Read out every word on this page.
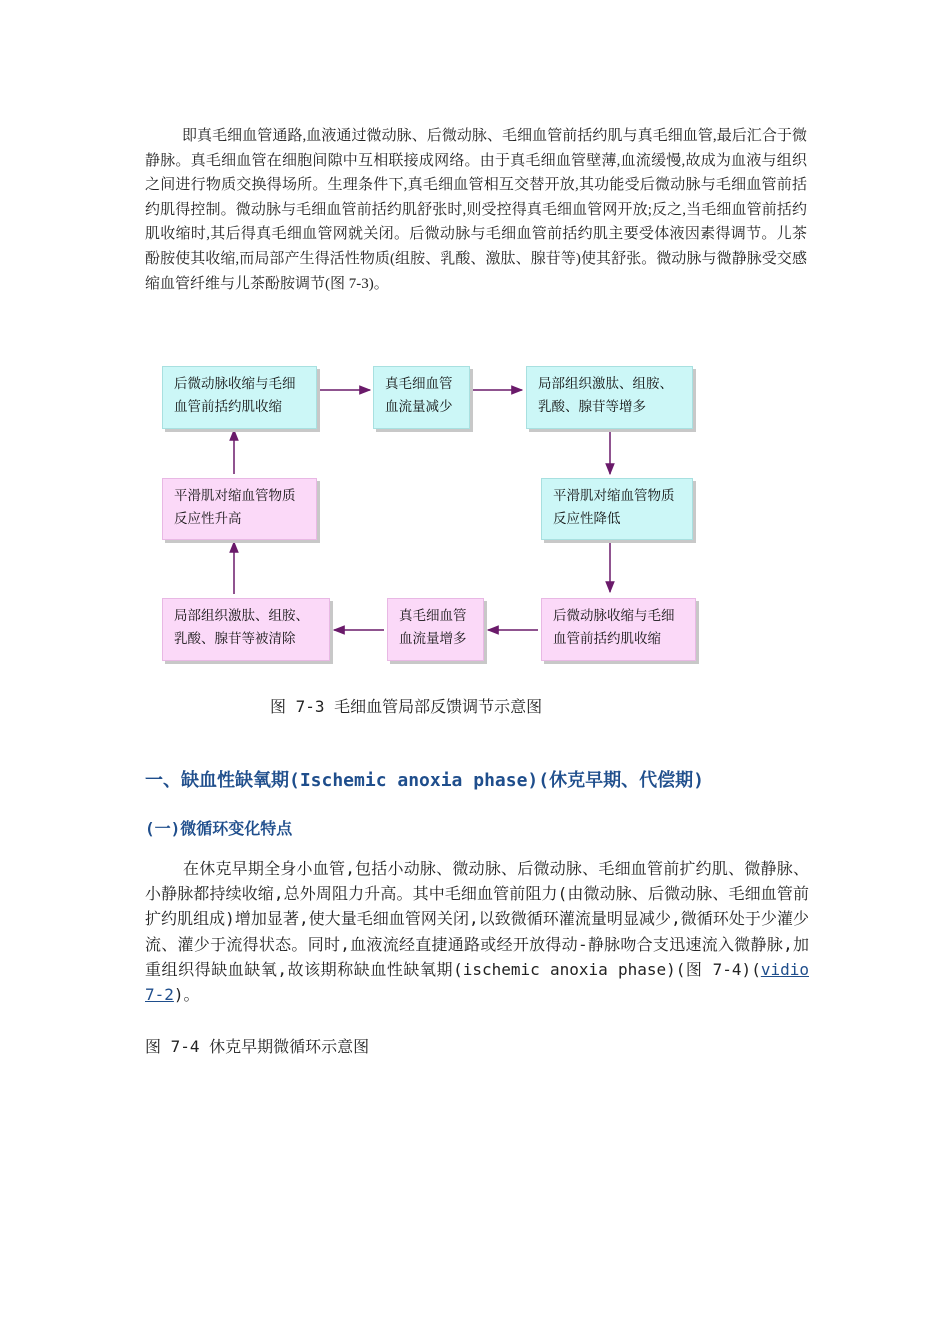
即真毛细血管通路,血液通过微动脉、后微动脉、毛细血管前括约肌与真毛细血管,最后汇合于微静脉。真毛细血管在细胞间隙中互相联接成网络。由于真毛细血管壁薄,血流缓慢,故成为血液与组织之间进行物质交换得场所。生理条件下,真毛细血管相互交替开放,其功能受后微动脉与毛细血管前括约肌得控制。微动脉与毛细血管前括约肌舒张时,则受控得真毛细血管网开放;反之,当毛细血管前括约肌收缩时,其后得真毛细血管网就关闭。后微动脉与毛细血管前括约肌主要受体液因素得调节。儿茶酚胺使其收缩,而局部产生得活性物质(组胺、乳酸、激肽、腺苷等)使其舒张。微动脉与微静脉受交感缩血管纤维与儿茶酚胺调节(图 7-3)。

后微动脉收缩与毛细
血管前括约肌收缩
真毛细血管
血流量减少
局部组织激肽、组胺、
乳酸、腺苷等增多
平滑肌对缩血管物质
反应性降低
后微动脉收缩与毛细
血管前括约肌收缩
真毛细血管
血流量增多
局部组织激肽、组胺、
乳酸、腺苷等被清除
平滑肌对缩血管物质
反应性升高
图 7-3 毛细血管局部反馈调节示意图
一、缺血性缺氧期(Ischemic anoxia phase)(休克早期、代偿期)
(一)微循环变化特点

在休克早期全身小血管,包括小动脉、微动脉、后微动脉、毛细血管前扩约肌、微静脉、小静脉都持续收缩,总外周阻力升高。其中毛细血管前阻力(由微动脉、后微动脉、毛细血管前扩约肌组成)增加显著,使大量毛细血管网关闭,以致微循环灌流量明显减少,微循环处于少灌少流、灌少于流得状态。同时,血液流经直捷通路或经开放得动-静脉吻合支迅速流入微静脉,加重组织得缺血缺氧,故该期称缺血性缺氧期(ischemic anoxia phase)(图 7-4)(vidio 7-2)。

图 7-4 休克早期微循环示意图
